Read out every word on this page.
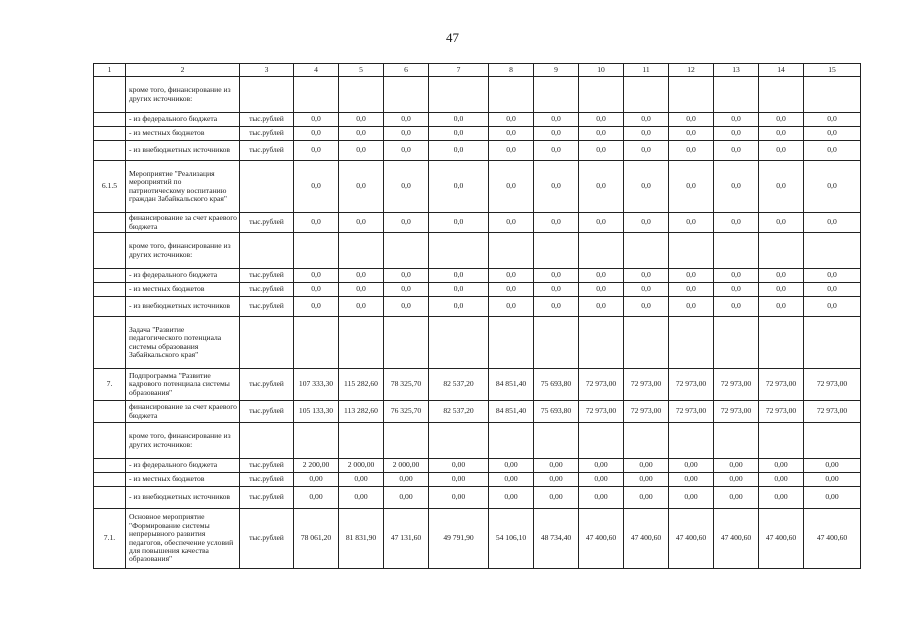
47
1	2	3	4	5	6	7	8	9	10	11	12	13	14	15
	кроме того, финансирование из других источников:													
	- из федерального бюджета	тыс.рублей	0,0	0,0	0,0	0,0	0,0	0,0	0,0	0,0	0,0	0,0	0,0	0,0
	- из местных бюджетов	тыс.рублей	0,0	0,0	0,0	0,0	0,0	0,0	0,0	0,0	0,0	0,0	0,0	0,0
	- из внебюджетных источников	тыс.рублей	0,0	0,0	0,0	0,0	0,0	0,0	0,0	0,0	0,0	0,0	0,0	0,0
6.1.5	Мероприятие "Реализация мероприятий по патриотическому воспитанию граждан Забайкальского края"		0,0	0,0	0,0	0,0	0,0	0,0	0,0	0,0	0,0	0,0	0,0	0,0
	финансирование за счет краевого бюджета	тыс.рублей	0,0	0,0	0,0	0,0	0,0	0,0	0,0	0,0	0,0	0,0	0,0	0,0
	кроме того, финансирование из других источников:													
	- из федерального бюджета	тыс.рублей	0,0	0,0	0,0	0,0	0,0	0,0	0,0	0,0	0,0	0,0	0,0	0,0
	- из местных бюджетов	тыс.рублей	0,0	0,0	0,0	0,0	0,0	0,0	0,0	0,0	0,0	0,0	0,0	0,0
	- из внебюджетных источников	тыс.рублей	0,0	0,0	0,0	0,0	0,0	0,0	0,0	0,0	0,0	0,0	0,0	0,0
	Задача "Развитие педагогического потенциала системы образования Забайкальского края"													
7.	Подпрограмма "Развитие кадрового потенциала системы образования"	тыс.рублей	107 333,30	115 282,60	78 325,70	82 537,20	84 851,40	75 693,80	72 973,00	72 973,00	72 973,00	72 973,00	72 973,00	72 973,00
	финансирование за счет краевого бюджета	тыс.рублей	105 133,30	113 282,60	76 325,70	82 537,20	84 851,40	75 693,80	72 973,00	72 973,00	72 973,00	72 973,00	72 973,00	72 973,00
	кроме того, финансирование из других источников:													
	- из федерального бюджета	тыс.рублей	2 200,00	2 000,00	2 000,00	0,00	0,00	0,00	0,00	0,00	0,00	0,00	0,00	0,00
	- из местных бюджетов	тыс.рублей	0,00	0,00	0,00	0,00	0,00	0,00	0,00	0,00	0,00	0,00	0,00	0,00
	- из внебюджетных источников	тыс.рублей	0,00	0,00	0,00	0,00	0,00	0,00	0,00	0,00	0,00	0,00	0,00	0,00
7.1.	Основное мероприятие "Формирование системы непрерывного развития педагогов, обеспечение условий для повышения качества образования"	тыс.рублей	78 061,20	81 831,90	47 131,60	49 791,90	54 106,10	48 734,40	47 400,60	47 400,60	47 400,60	47 400,60	47 400,60	47 400,60
